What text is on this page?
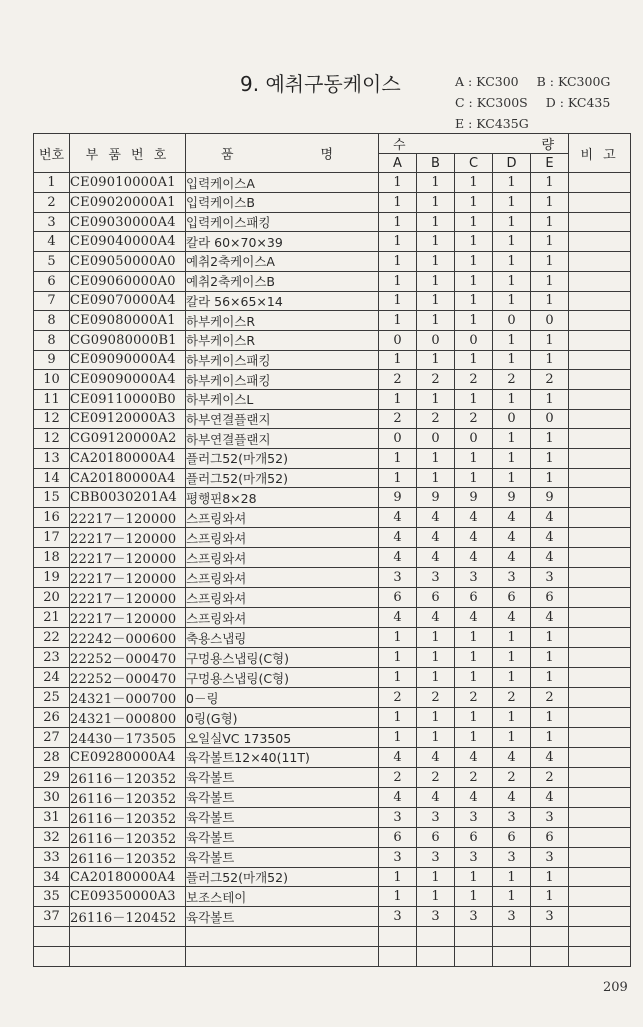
9. 예취구동케이스	A : KC300 B : KC300G
C : KC300S D : KC435
E : KC435G
번호	부 품 번 호	품 명	수 량					비 고
			A	B	C	D	E	
1	CE09010000A1	입력케이스A	1	1	1	1	1	
2	CE09020000A1	입력케이스B	1	1	1	1	1	
3	CE09030000A4	입력케이스패킹	1	1	1	1	1	
4	CE09040000A4	칼라 60×70×39	1	1	1	1	1	
5	CE09050000A0	예취2축케이스A	1	1	1	1	1	
6	CE09060000A0	예취2축케이스B	1	1	1	1	1	
7	CE09070000A4	칼라 56×65×14	1	1	1	1	1	
8	CE09080000A1	하부케이스R	1	1	1	0	0	
8	CG09080000B1	하부케이스R	0	0	0	1	1	
9	CE09090000A4	하부케이스패킹	1	1	1	1	1	
10	CE09090000A4	하부케이스패킹	2	2	2	2	2	
11	CE09110000B0	하부케이스L	1	1	1	1	1	
12	CE09120000A3	하부연결플랜지	2	2	2	0	0	
12	CG09120000A2	하부연결플랜지	0	0	0	1	1	
13	CA20180000A4	플러그52(마개52)	1	1	1	1	1	
14	CA20180000A4	플러그52(마개52)	1	1	1	1	1	
15	CBB0030201A4	평행핀8×28	9	9	9	9	9	
16	22217－120000	스프링와셔	4	4	4	4	4	
17	22217－120000	스프링와셔	4	4	4	4	4	
18	22217－120000	스프링와셔	4	4	4	4	4	
19	22217－120000	스프링와셔	3	3	3	3	3	
20	22217－120000	스프링와셔	6	6	6	6	6	
21	22217－120000	스프링와셔	4	4	4	4	4	
22	22242－000600	축용스냅링	1	1	1	1	1	
23	22252－000470	구멍용스냅링(C형)	1	1	1	1	1	
24	22252－000470	구멍용스냅링(C형)	1	1	1	1	1	
25	24321－000700	0－링	2	2	2	2	2	
26	24321－000800	0링(G형)	1	1	1	1	1	
27	24430－173505	오일실VC 173505	1	1	1	1	1	
28	CE09280000A4	육각볼트12×40(11T)	4	4	4	4	4	
29	26116－120352	육각볼트	2	2	2	2	2	
30	26116－120352	육각볼트	4	4	4	4	4	
31	26116－120352	육각볼트	3	3	3	3	3	
32	26116－120352	육각볼트	6	6	6	6	6	
33	26116－120352	육각볼트	3	3	3	3	3	
34	CA20180000A4	플러그52(마개52)	1	1	1	1	1	
35	CE09350000A3	보조스테이	1	1	1	1	1	
37	26116－120452	육각볼트	3	3	3	3	3	

209
